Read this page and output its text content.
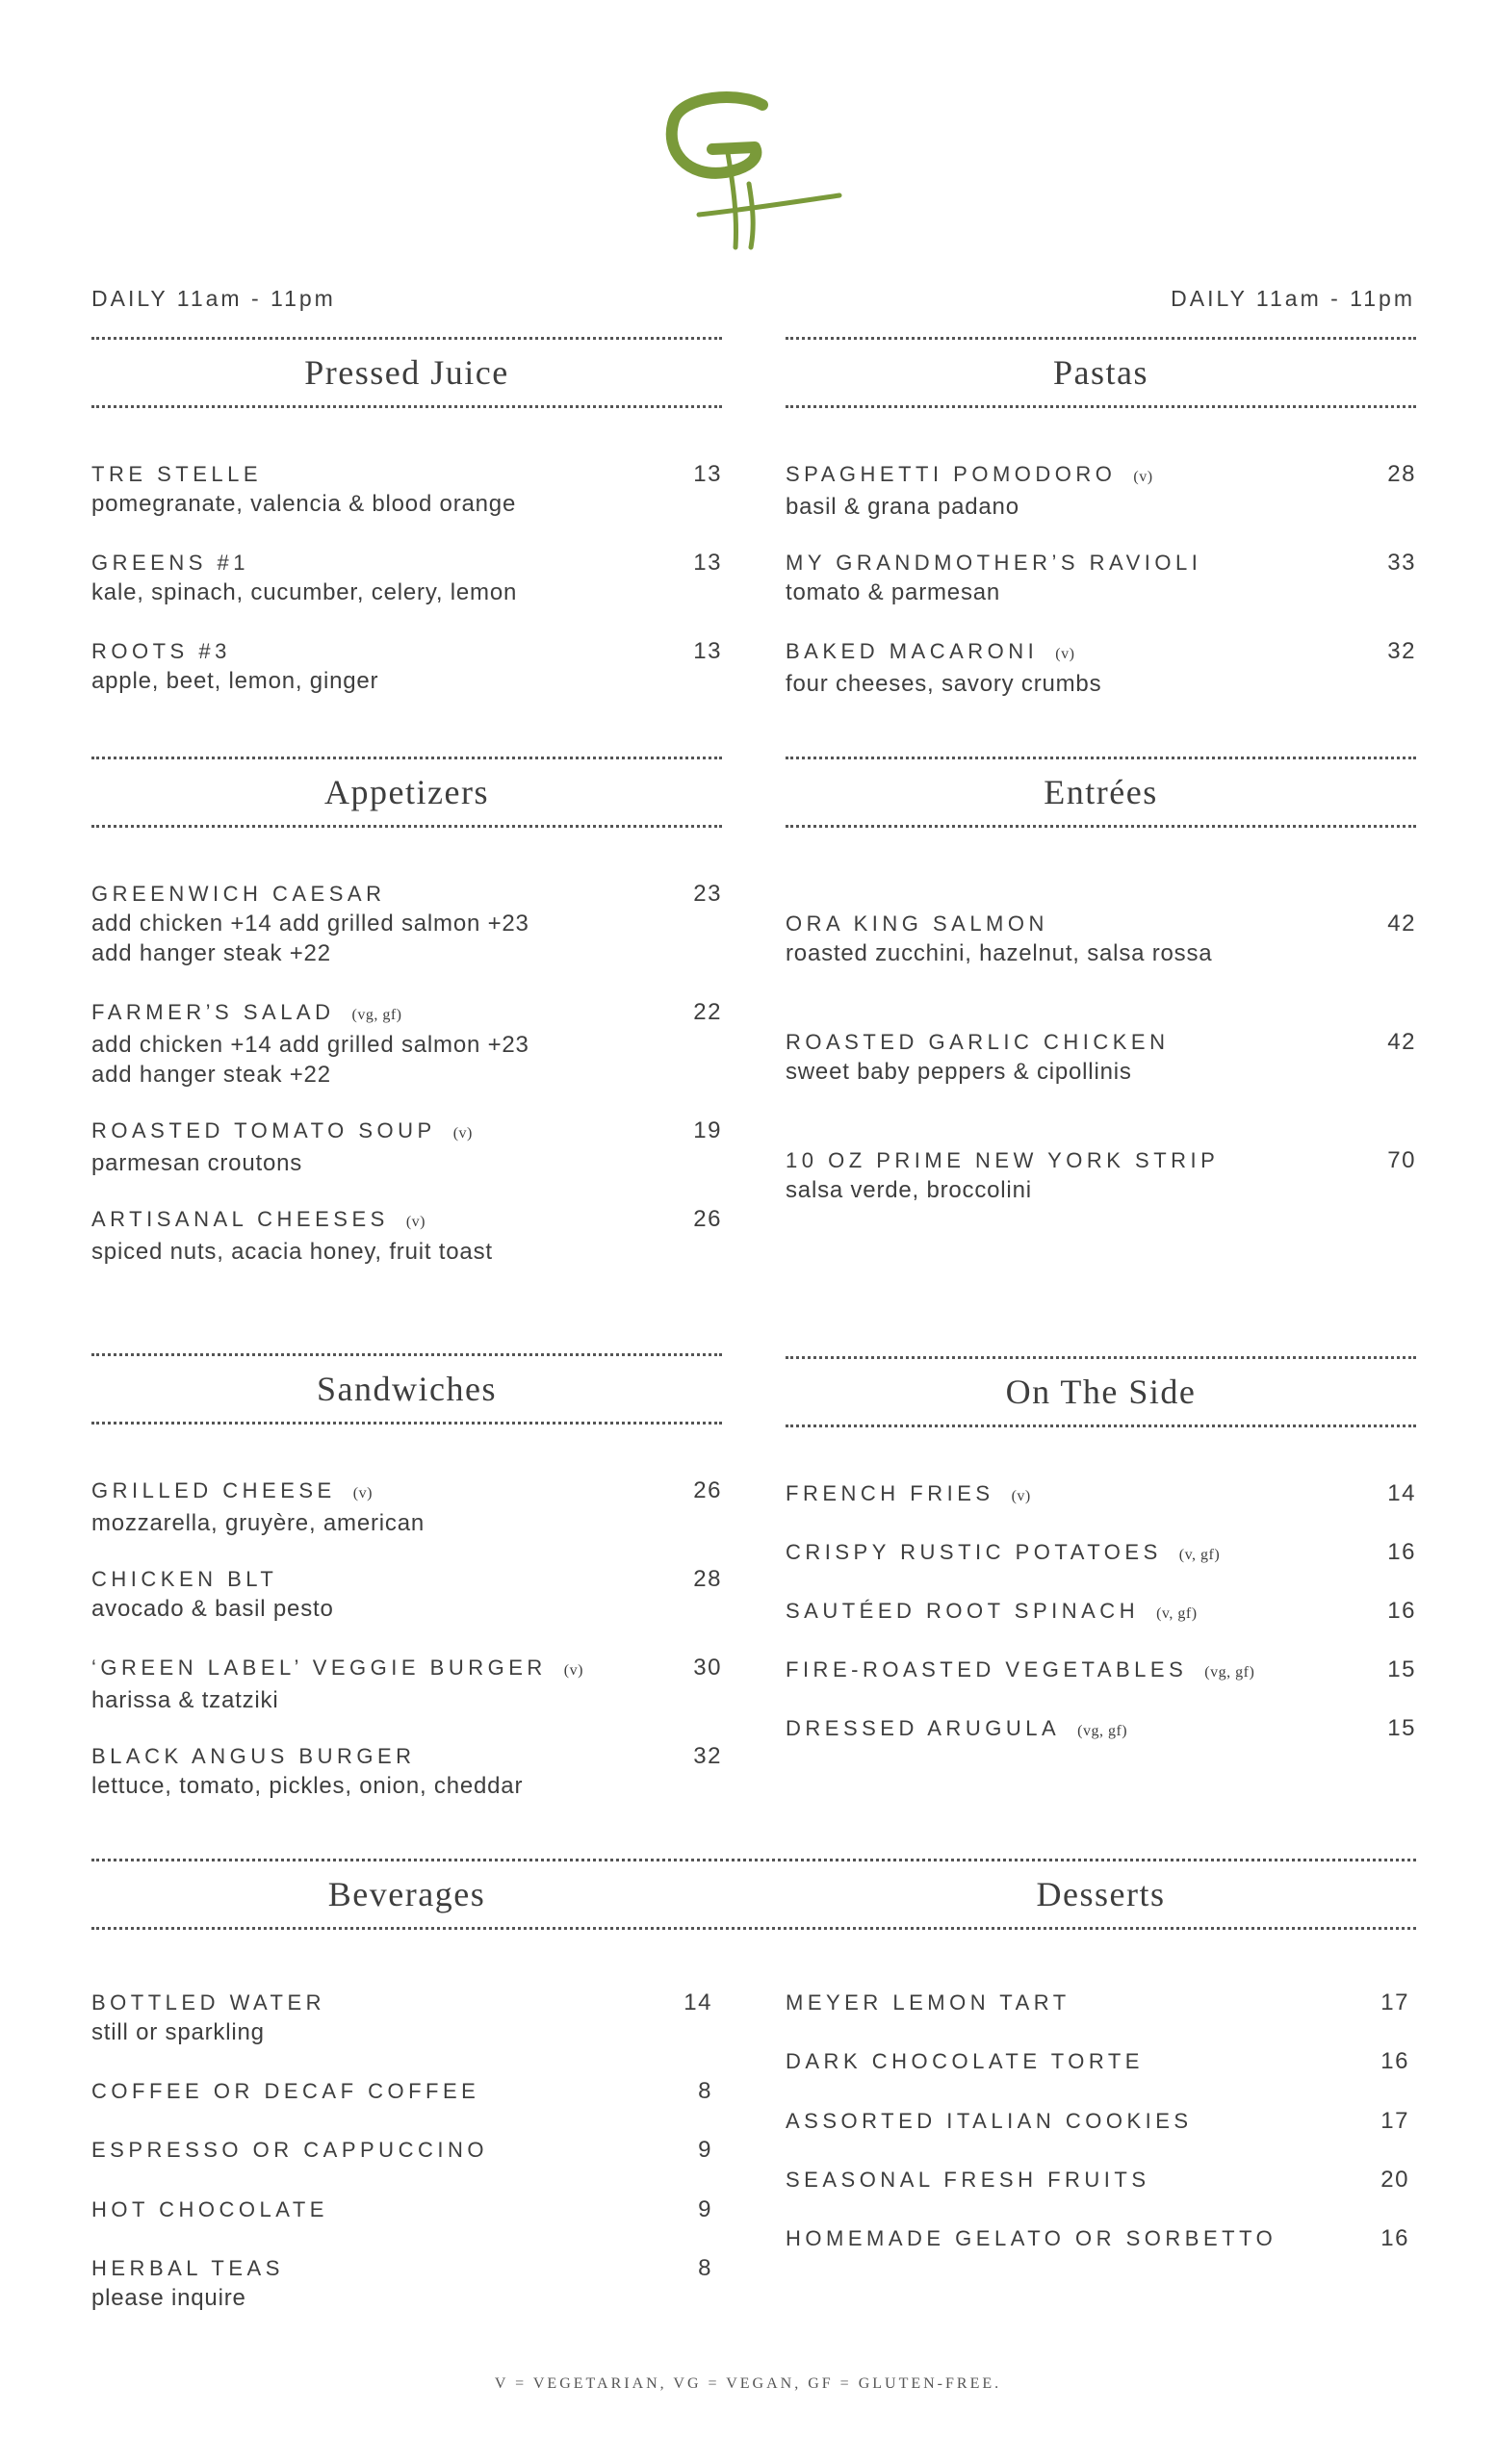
DAILY 11am - 11pm	DAILY 11am - 11pm
Pressed Juice
TRE STELLE	13
pomegranate, valencia & blood orange
GREENS #1	13
kale, spinach, cucumber, celery, lemon
ROOTS #3	13
apple, beet, lemon, ginger
Pastas
SPAGHETTI POMODORO (v)	28
basil & grana padano
MY GRANDMOTHER’S RAVIOLI	33
tomato & parmesan
BAKED MACARONI (v)	32
four cheeses, savory crumbs
Appetizers
GREENWICH CAESAR	23
add chicken +14 add grilled salmon +23
add hanger steak +22
FARMER’S SALAD (vg, gf)	22
add chicken +14 add grilled salmon +23
add hanger steak +22
ROASTED TOMATO SOUP (v)	19
parmesan croutons
ARTISANAL CHEESES (v)	26
spiced nuts, acacia honey, fruit toast
Entrées
ORA KING SALMON	42
roasted zucchini, hazelnut, salsa rossa
ROASTED GARLIC CHICKEN	42
sweet baby peppers & cipollinis
10 OZ PRIME NEW YORK STRIP	70
salsa verde, broccolini
Sandwiches
GRILLED CHEESE (v)	26
mozzarella, gruyère, american
CHICKEN BLT	28
avocado & basil pesto
‘GREEN LABEL’ VEGGIE BURGER (v)	30
harissa & tzatziki
BLACK ANGUS BURGER	32
lettuce, tomato, pickles, onion, cheddar
On The Side
FRENCH FRIES (v)	14
CRISPY RUSTIC POTATOES (v, gf)	16
SAUTÉED ROOT SPINACH (v, gf)	16
FIRE-ROASTED VEGETABLES (vg, gf)	15
DRESSED ARUGULA (vg, gf)	15
Beverages	Desserts
BOTTLED WATER	14
still or sparkling
COFFEE OR DECAF COFFEE	8
ESPRESSO OR CAPPUCCINO	9
HOT CHOCOLATE	9
HERBAL TEAS	8
please inquire
MEYER LEMON TART	17
DARK CHOCOLATE TORTE	16
ASSORTED ITALIAN COOKIES	17
SEASONAL FRESH FRUITS	20
HOMEMADE GELATO OR SORBETTO	16
V = VEGETARIAN, VG = VEGAN, GF = GLUTEN-FREE.
